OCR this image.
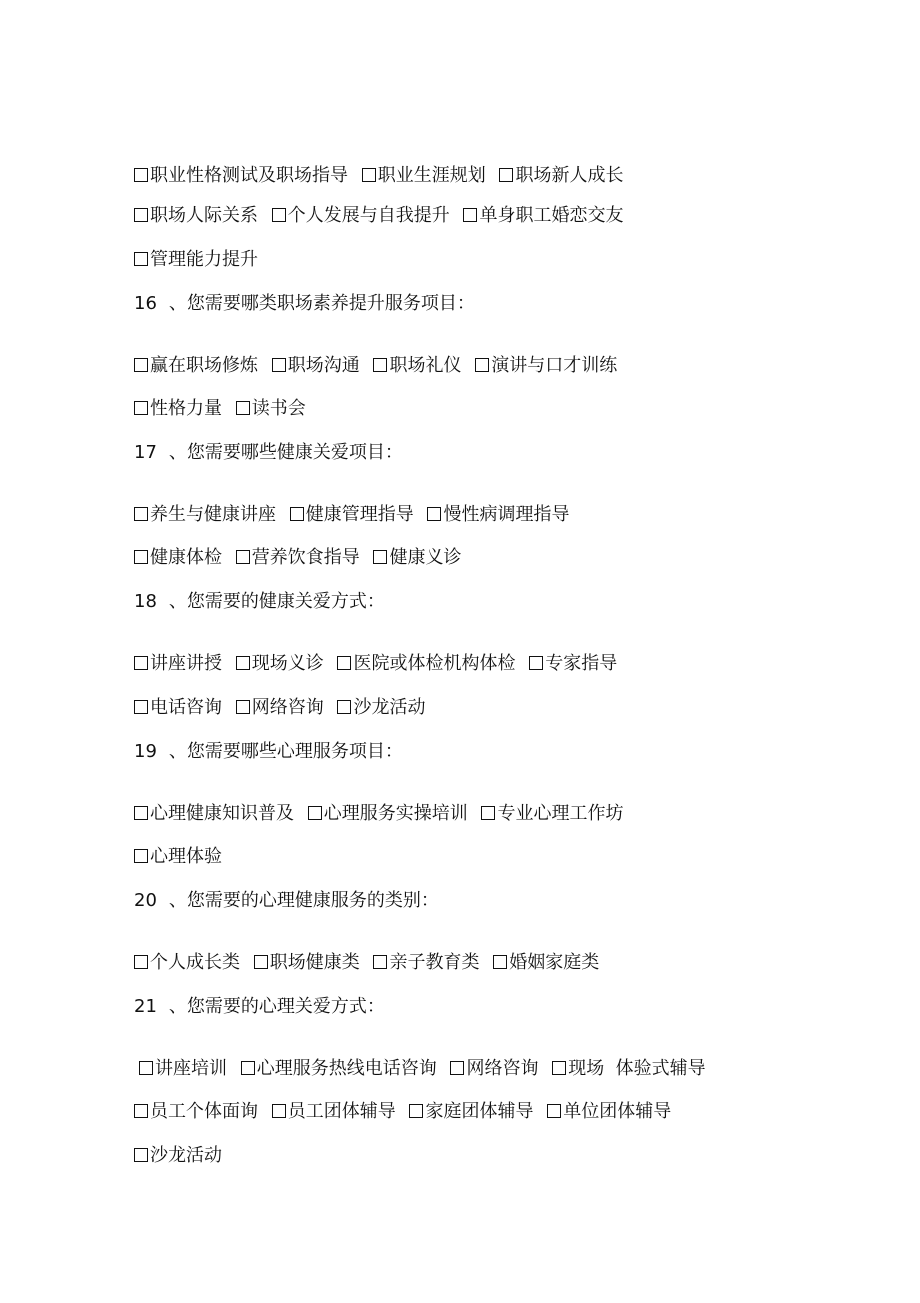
职业性格测试及职场指导 职业生涯规划 职场新人成长
职场人际关系 个人发展与自我提升 单身职工婚恋交友
管理能力提升
16 、您需要哪类职场素养提升服务项目：
赢在职场修炼 职场沟通 职场礼仪 演讲与口才训练
性格力量 读书会
17 、您需要哪些健康关爱项目：
养生与健康讲座 健康管理指导 慢性病调理指导
健康体检 营养饮食指导 健康义诊
18 、您需要的健康关爱方式：
讲座讲授 现场义诊 医院或体检机构体检 专家指导
电话咨询 网络咨询 沙龙活动
19 、您需要哪些心理服务项目：
心理健康知识普及 心理服务实操培训 专业心理工作坊
心理体验
20 、您需要的心理健康服务的类别：
个人成长类 职场健康类 亲子教育类 婚姻家庭类
21 、您需要的心理关爱方式：
讲座培训 心理服务热线电话咨询 网络咨询 现场  体验式辅导
员工个体面询 员工团体辅导 家庭团体辅导 单位团体辅导
沙龙活动
